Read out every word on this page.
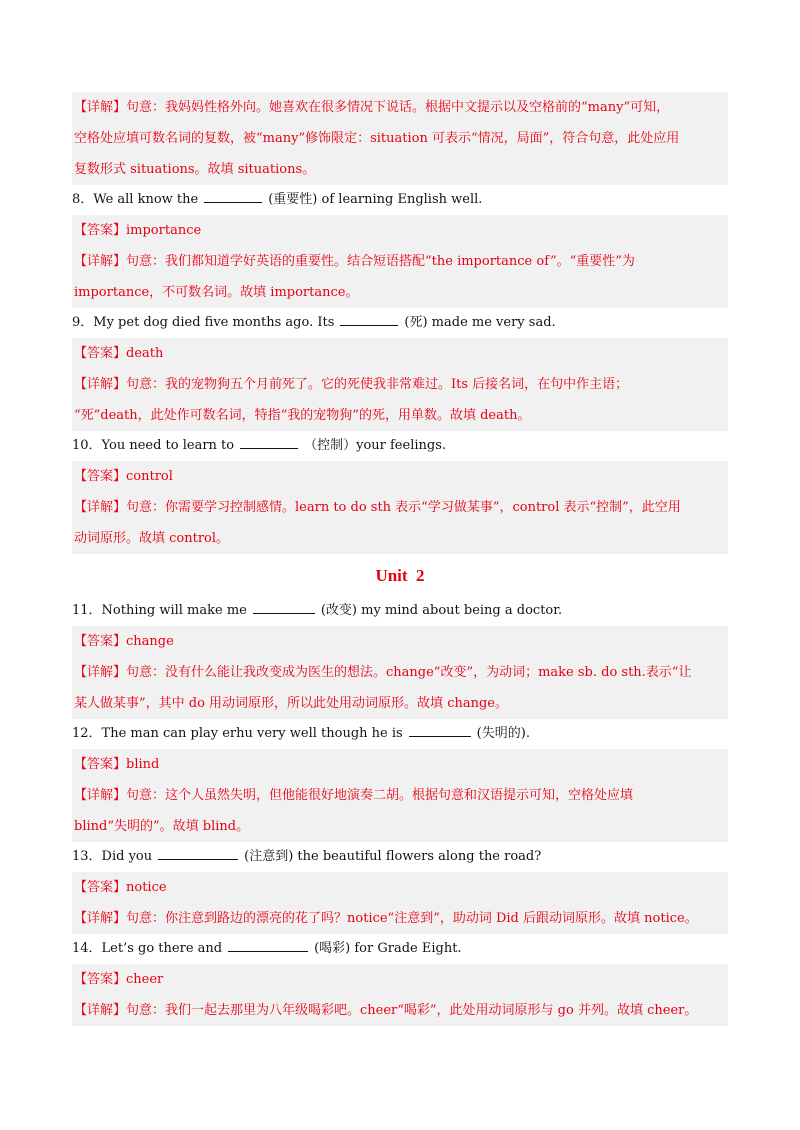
【详解】句意：我妈妈性格外向。她喜欢在很多情况下说话。根据中文提示以及空格前的“many”可知，
空格处应填可数名词的复数，被“many”修饰限定：situation 可表示“情况，局面”，符合句意，此处应用
复数形式 situations。故填 situations。
8．We all know the	(重要性) of learning English well.
【答案】importance
【详解】句意：我们都知道学好英语的重要性。结合短语搭配“the importance of”。“重要性”为
importance，不可数名词。故填 importance。
9．My pet dog died five months ago. Its	(死) made me very sad.
【答案】death
【详解】句意：我的宠物狗五个月前死了。它的死使我非常难过。Its 后接名词，在句中作主语；
“死”death，此处作可数名词，特指“我的宠物狗”的死，用单数。故填 death。
10．You need to learn to	（控制）your feelings.
【答案】control
【详解】句意：你需要学习控制感情。learn to do sth 表示“学习做某事”，control 表示“控制”，此空用
动词原形。故填 control。
Unit  2
11．Nothing will make me	(改变) my mind about being a doctor.
【答案】change
【详解】句意：没有什么能让我改变成为医生的想法。change“改变”，为动词；make sb. do sth.表示“让
某人做某事”，其中 do 用动词原形，所以此处用动词原形。故填 change。
12．The man can play erhu very well though he is	(失明的).
【答案】blind
【详解】句意：这个人虽然失明，但他能很好地演奏二胡。根据句意和汉语提示可知，空格处应填
blind“失明的”。故填 blind。
13．Did you	(注意到) the beautiful flowers along the road?
【答案】notice
【详解】句意：你注意到路边的漂亮的花了吗？notice“注意到”，助动词 Did 后跟动词原形。故填 notice。
14．Let’s go there and	(喝彩) for Grade Eight.
【答案】cheer
【详解】句意：我们一起去那里为八年级喝彩吧。cheer“喝彩”，此处用动词原形与 go 并列。故填 cheer。
